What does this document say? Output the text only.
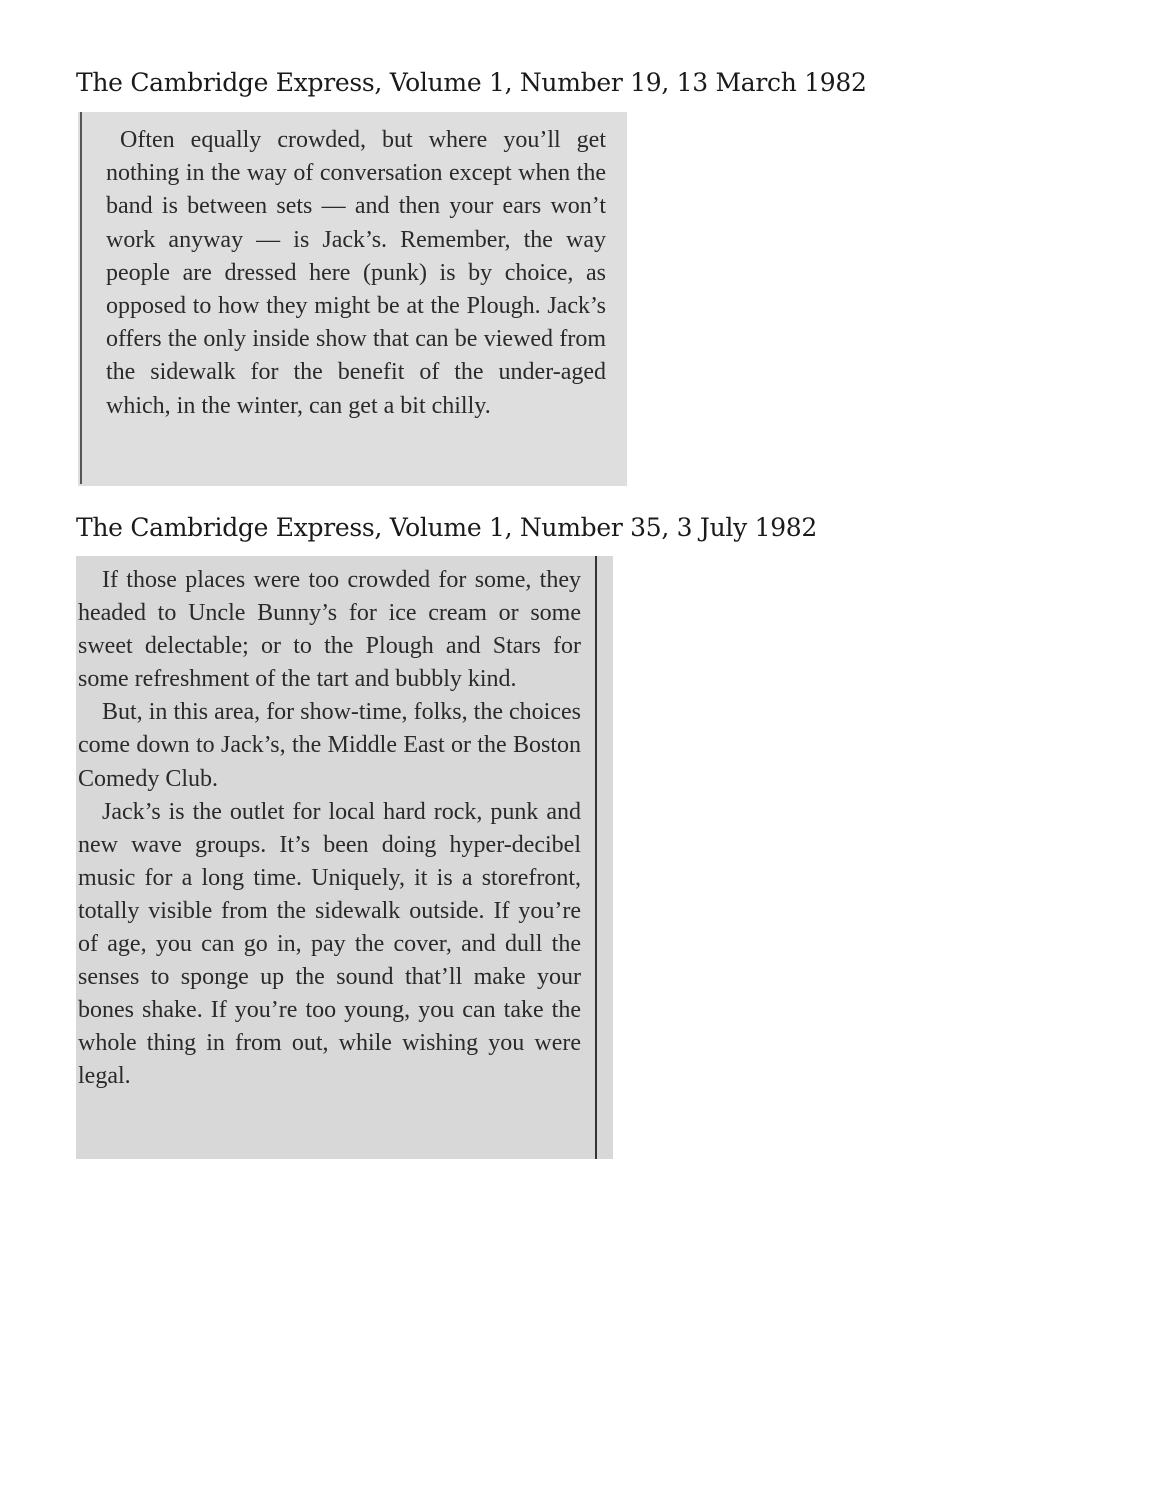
The Cambridge Express, Volume 1, Number 19, 13 March 1982

Often equally crowded, but where you’ll get nothing in the way of conversation except when the band is between sets — and then your ears won’t work anyway — is Jack’s. Remember, the way people are dressed here (punk) is by choice, as opposed to how they might be at the Plough. Jack’s offers the only inside show that can be viewed from the sidewalk for the benefit of the under-aged which, in the winter, can get a bit chilly.

The Cambridge Express, Volume 1, Number 35, 3 July 1982

If those places were too crowded for some, they headed to Uncle Bunny’s for ice cream or some sweet delectable; or to the Plough and Stars for some refreshment of the tart and bubbly kind.

But, in this area, for show-time, folks, the choices come down to Jack’s, the Middle East or the Boston Comedy Club.

Jack’s is the outlet for local hard rock, punk and new wave groups. It’s been doing hyper-decibel music for a long time. Uniquely, it is a storefront, totally visible from the sidewalk outside. If you’re of age, you can go in, pay the cover, and dull the senses to sponge up the sound that’ll make your bones shake. If you’re too young, you can take the whole thing in from out, while wishing you were legal.
